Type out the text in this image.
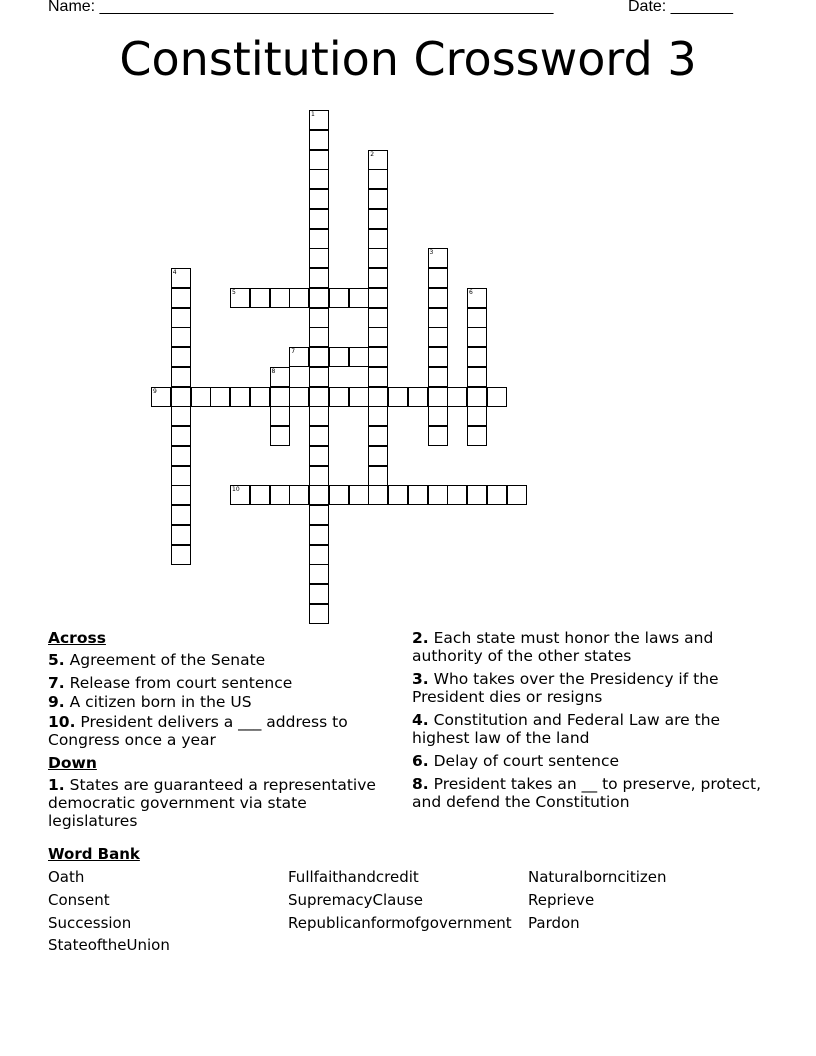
Name: ___________________________________________________	Date: _______
Constitution Crossword 3
1
2
3
4
5	6
7
8
9
10
Across
5. Agreement of the Senate
7. Release from court sentence
9. A citizen born in the US
10. President delivers a ___ address to Congress once a year
Down
1. States are guaranteed a representative democratic government via state legislatures
2. Each state must honor the laws and authority of the other states
3. Who takes over the Presidency if the President dies or resigns
4. Constitution and Federal Law are the highest law of the land
6. Delay of court sentence
8. President takes an __ to preserve, protect, and defend the Constitution
Word Bank
Oath
Consent
Succession
StateoftheUnion
Fullfaithandcredit
SupremacyClause
Republicanformofgovernment
Naturalborncitizen
Reprieve
Pardon
